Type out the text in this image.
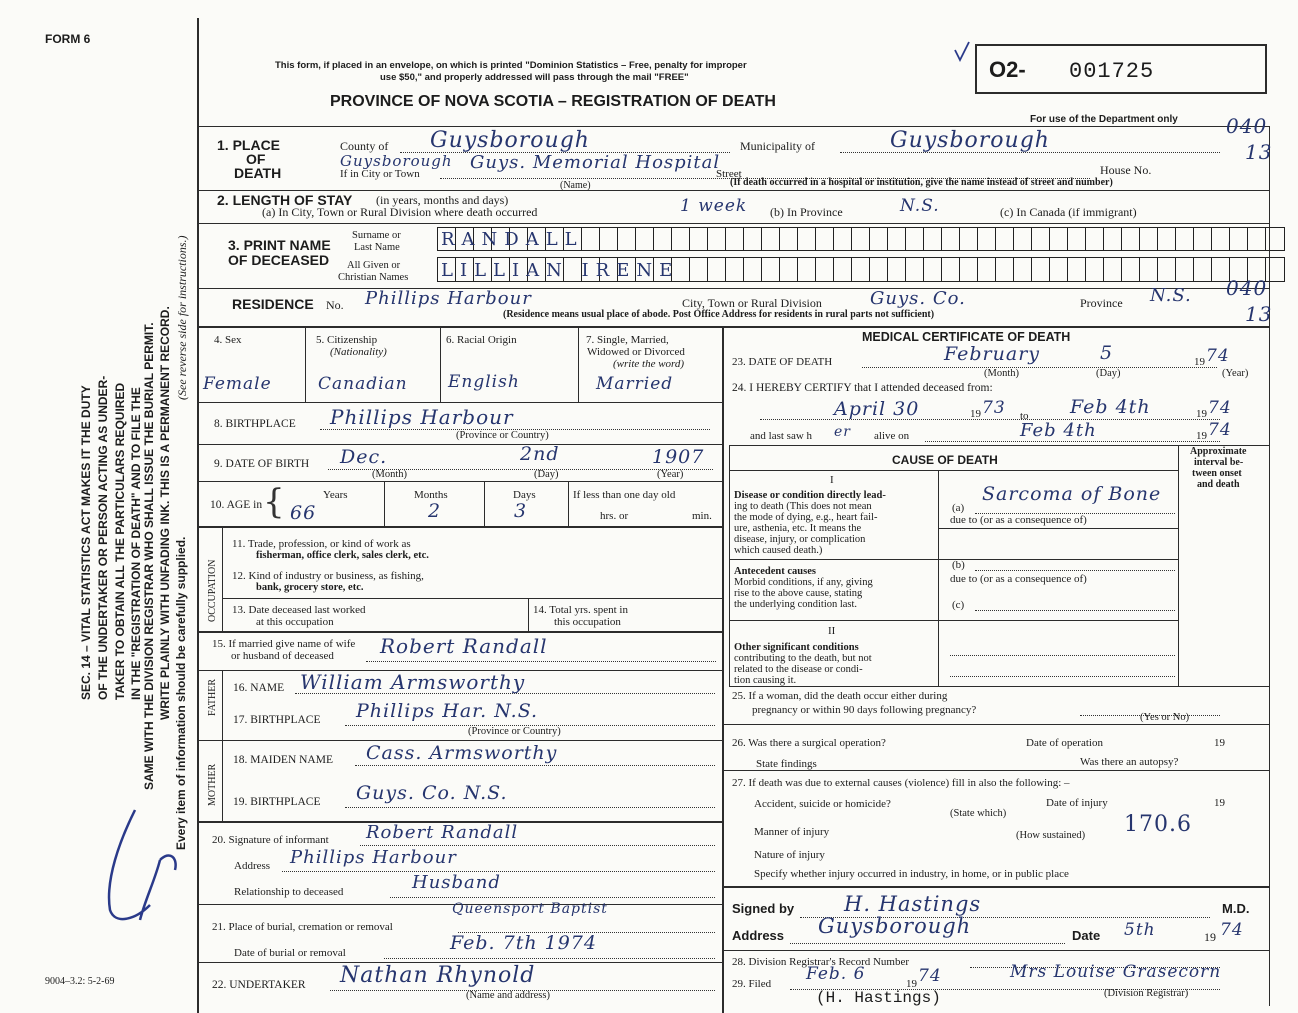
FORM 6
SEC. 14 – VITAL STATISTICS ACT MAKES IT THE DUTY OF THE UNDERTAKER OR PERSON ACTING AS UNDER- TAKER TO OBTAIN ALL THE PARTICULARS REQUIRED IN THE "REGISTRATION OF DEATH" AND TO FILE THE SAME WITH THE DIVISION REGISTRAR WHO SHALL ISSUE THE BURIAL PERMIT. WRITE PLAINLY WITH UNFADING INK. THIS IS A PERMANENT RECORD. Every item of information should be carefully supplied.
(See reverse side for instructions.)
9004–3.2: 5-2-69
This form, if placed in an envelope, on which is printed "Dominion Statistics – Free, penalty for improper
use $50," and properly addressed will pass through the mail "FREE"
PROVINCE OF NOVA SCOTIA – REGISTRATION OF DEATH
O2- 001725
For use of the Department only 040
13
1. PLACE
OF
DEATH
County of Guysborough	Municipality of	Guysborough
If in City or Town
Guysborough Guys. Memorial Hospital
Street	House No.
(Name)	(If death occurred in a hospital or institution, give the name instead of street and number)
2. LENGTH OF STAY (in years, months and days)
(a) In City, Town or Rural Division where death occurred	1 week (b) In Province	N.S.	(c) In Canada (if immigrant)
3. PRINT NAME
OF DECEASED
Surname or
Last Name RANDALL
All Given or
Christian Names LILLIAN IRENE
RESIDENCE No. Phillips Harbour	City, Town or Rural Division	Guys. Co.	Province N.S. 040
13
(Residence means usual place of abode. Post Office Address for residents in rural parts not sufficient)
4. Sex
Female
5. Citizenship
(Nationality)
Canadian
6. Racial Origin
English
7. Single, Married,
Widowed or Divorced
(write the word)
Married
8. BIRTHPLACE Phillips Harbour
(Province or Country)
9. DATE OF BIRTH Dec.	2nd	1907
(Month)	(Day)	(Year)
10. AGE in {	Years
66
Months
2
Days
3
If less than one day old
hrs. or	min.
OCCUPATION
11. Trade, profession, or kind of work as
fisherman, office clerk, sales clerk, etc.
12. Kind of industry or business, as fishing,
bank, grocery store, etc.
13. Date deceased last worked
at this occupation
14. Total yrs. spent in
this occupation
15. If married give name of wife
or husband of deceased Robert Randall
FATHER 16. NAME William Armsworthy
17. BIRTHPLACE Phillips Har. N.S.
(Province or Country)
MOTHER
18. MAIDEN NAME Cass. Armsworthy
19. BIRTHPLACE Guys. Co. N.S.
20. Signature of informant Robert Randall
Address Phillips Harbour
Relationship to deceased	Husband
21. Place of burial, cremation or removal
Queensport Baptist
Date of burial or removal	Feb. 7th 1974
22. UNDERTAKER Nathan Rhynold
(Name and address)
MEDICAL CERTIFICATE OF DEATH
23. DATE OF DEATH	February	5	19 74
(Month)	(Day)	(Year)
24. I HEREBY CERTIFY that I attended deceased from:
April 30	19 73 to Feb 4th	19 74
and last saw h er alive on	Feb 4th	19 74
CAUSE OF DEATH
I
Approximate
interval be-
tween onset
and death
Disease or condition directly lead-
ing to death (This does not mean
the mode of dying, e.g., heart fail-
ure, asthenia, etc. It means the
disease, injury, or complication
which caused death.)
(a)
Sarcoma of Bone
due to (or as a consequence of)
Antecedent causes
Morbid conditions, if any, giving
rise to the above cause, stating
the underlying condition last.
(b)
due to (or as a consequence of)
(c)
II
Other significant conditions
contributing to the death, but not
related to the disease or condi-
tion causing it.
25. If a woman, did the death occur either during
pregnancy or within 90 days following pregnancy?
(Yes or No)
26. Was there a surgical operation?	Date of operation	19
State findings	Was there an autopsy?
27. If death was due to external causes (violence) fill in also the following: –
Accident, suicide or homicide?	Date of injury	19
(State which)
Manner of injury	170.6
(How sustained)
Nature of injury
Specify whether injury occurred in industry, in home, or in public place
Signed by H. Hastings	M.D.
Address Guysborough	Date 5th	19 74
28. Division Registrar's Record Number
29. Filed Feb. 6	19 74	Mrs Louise Grasecorn
(Division Registrar)
(H. Hastings)
